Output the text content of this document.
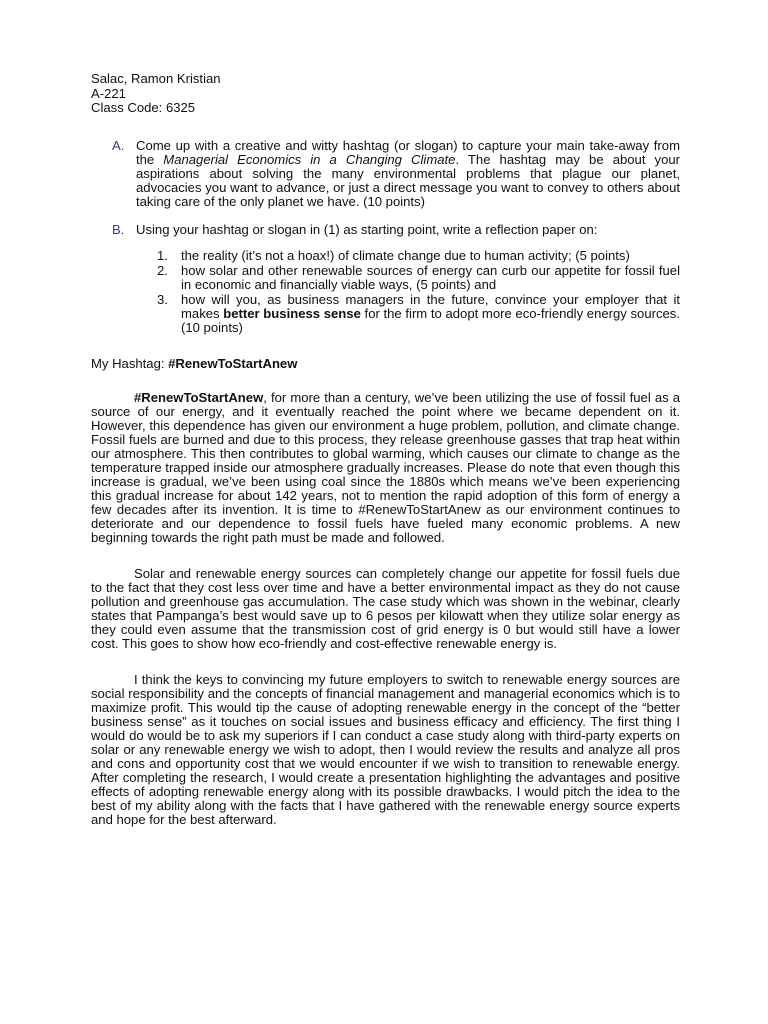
Salac, Ramon Kristian
A-221
Class Code: 6325
A. Come up with a creative and witty hashtag (or slogan) to capture your main take-away from the Managerial Economics in a Changing Climate. The hashtag may be about your aspirations about solving the many environmental problems that plague our planet, advocacies you want to advance, or just a direct message you want to convey to others about taking care of the only planet we have. (10 points)
B. Using your hashtag or slogan in (1) as starting point, write a reflection paper on:
1. the reality (it’s not a hoax!) of climate change due to human activity; (5 points)
2. how solar and other renewable sources of energy can curb our appetite for fossil fuel in economic and financially viable ways, (5 points) and
3. how will you, as business managers in the future, convince your employer that it makes better business sense for the firm to adopt more eco-friendly energy sources. (10 points)
My Hashtag: #RenewToStartAnew

#RenewToStartAnew, for more than a century, we’ve been utilizing the use of fossil fuel as a source of our energy, and it eventually reached the point where we became dependent on it. However, this dependence has given our environment a huge problem, pollution, and climate change. Fossil fuels are burned and due to this process, they release greenhouse gasses that trap heat within our atmosphere. This then contributes to global warming, which causes our climate to change as the temperature trapped inside our atmosphere gradually increases. Please do note that even though this increase is gradual, we’ve been using coal since the 1880s which means we’ve been experiencing this gradual increase for about 142 years, not to mention the rapid adoption of this form of energy a few decades after its invention. It is time to #RenewToStartAnew as our environment continues to deteriorate and our dependence to fossil fuels have fueled many economic problems. A new beginning towards the right path must be made and followed.

Solar and renewable energy sources can completely change our appetite for fossil fuels due to the fact that they cost less over time and have a better environmental impact as they do not cause pollution and greenhouse gas accumulation. The case study which was shown in the webinar, clearly states that Pampanga’s best would save up to 6 pesos per kilowatt when they utilize solar energy as they could even assume that the transmission cost of grid energy is 0 but would still have a lower cost. This goes to show how eco-friendly and cost-effective renewable energy is.

I think the keys to convincing my future employers to switch to renewable energy sources are social responsibility and the concepts of financial management and managerial economics which is to maximize profit. This would tip the cause of adopting renewable energy in the concept of the “better business sense” as it touches on social issues and business efficacy and efficiency. The first thing I would do would be to ask my superiors if I can conduct a case study along with third-party experts on solar or any renewable energy we wish to adopt, then I would review the results and analyze all pros and cons and opportunity cost that we would encounter if we wish to transition to renewable energy. After completing the research, I would create a presentation highlighting the advantages and positive effects of adopting renewable energy along with its possible drawbacks. I would pitch the idea to the best of my ability along with the facts that I have gathered with the renewable energy source experts and hope for the best afterward.
